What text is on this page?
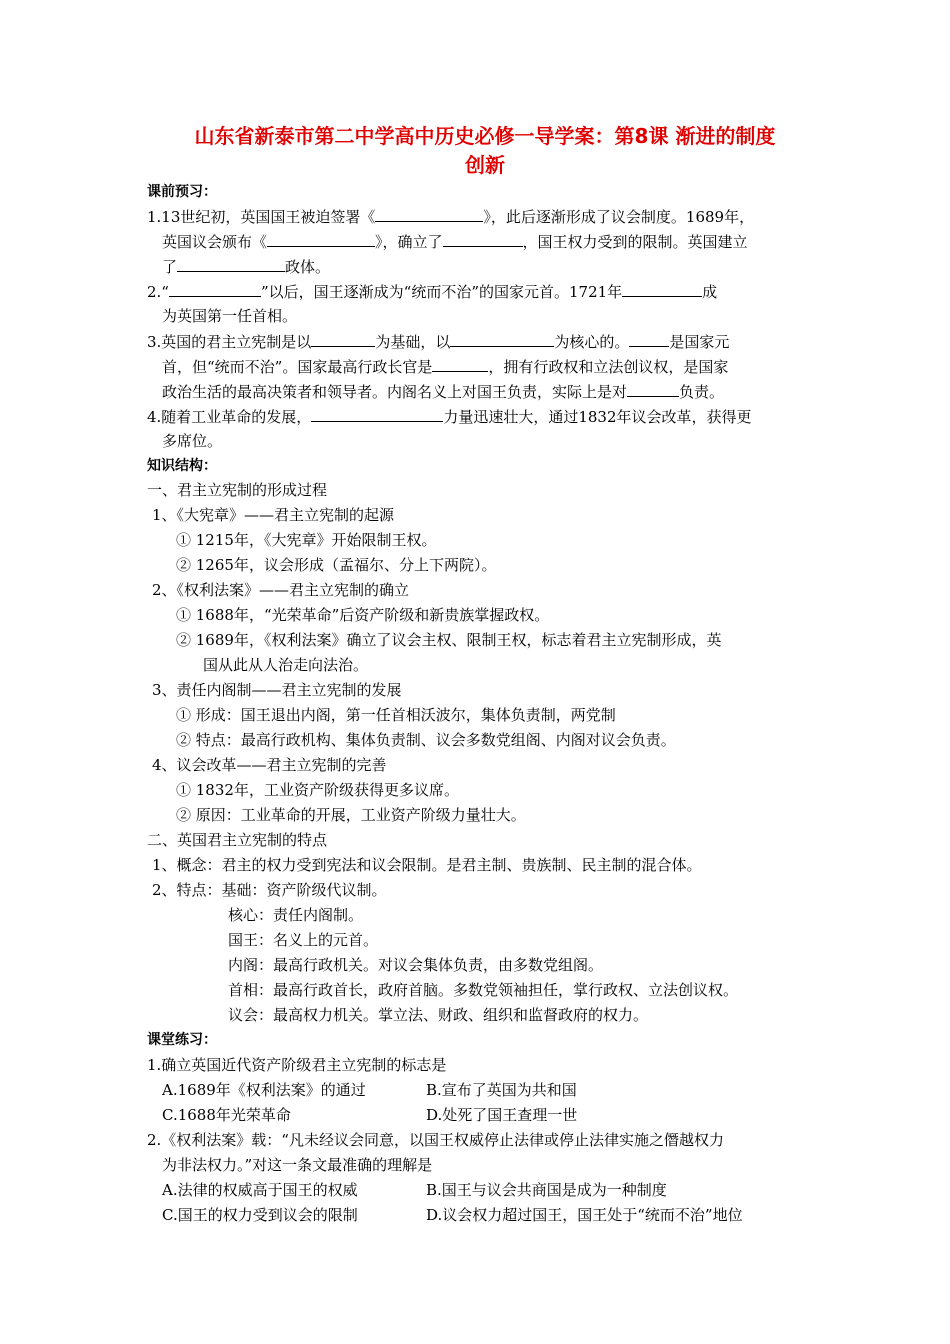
山东省新泰市第二中学高中历史必修一导学案：第8课 渐进的制度
创新
课前预习：
1.13世纪初，英国国王被迫签署《	》，此后逐渐形成了议会制度。1689年，
英国议会颁布《	》，确立了	，国王权力受到的限制。英国建立
了	政体。
2.“	”以后，国王逐渐成为“统而不治”的国家元首。1721年	成
为英国第一任首相。
3.英国的君主立宪制是以	为基础，以	为核心的。	是国家元
首，但“统而不治”。国家最高行政长官是	，拥有行政权和立法创议权，是国家
政治生活的最高决策者和领导者。内阁名义上对国王负责，实际上是对	负责。
4.随着工业革命的发展，	力量迅速壮大，通过1832年议会改革，获得更
多席位。
知识结构：
一、君主立宪制的形成过程
1、《大宪章》——君主立宪制的起源
① 1215年，《大宪章》开始限制王权。
② 1265年，议会形成（孟福尔、分上下两院）。
2、《权利法案》——君主立宪制的确立
① 1688年，“光荣革命”后资产阶级和新贵族掌握政权。
② 1689年，《权利法案》确立了议会主权、限制王权，标志着君主立宪制形成，英
国从此从人治走向法治。
3、责任内阁制——君主立宪制的发展
① 形成：国王退出内阁，第一任首相沃波尔，集体负责制，两党制
② 特点：最高行政机构、集体负责制、议会多数党组阁、内阁对议会负责。
4、议会改革——君主立宪制的完善
① 1832年，工业资产阶级获得更多议席。
② 原因：工业革命的开展，工业资产阶级力量壮大。
二、英国君主立宪制的特点
1、概念：君主的权力受到宪法和议会限制。是君主制、贵族制、民主制的混合体。
2、特点：基础：资产阶级代议制。
核心：责任内阁制。
国王：名义上的元首。
内阁：最高行政机关。对议会集体负责，由多数党组阁。
首相：最高行政首长，政府首脑。多数党领袖担任，掌行政权、立法创议权。
议会：最高权力机关。掌立法、财政、组织和监督政府的权力。
课堂练习：
1.确立英国近代资产阶级君主立宪制的标志是
A.1689年《权利法案》的通过	B.宣布了英国为共和国
C.1688年光荣革命	D.处死了国王查理一世
2.《权利法案》载：“凡未经议会同意，以国王权威停止法律或停止法律实施之僭越权力
为非法权力。”对这一条文最准确的理解是
A.法律的权威高于国王的权威	B.国王与议会共商国是成为一种制度
C.国王的权力受到议会的限制	D.议会权力超过国王，国王处于“统而不治”地位
